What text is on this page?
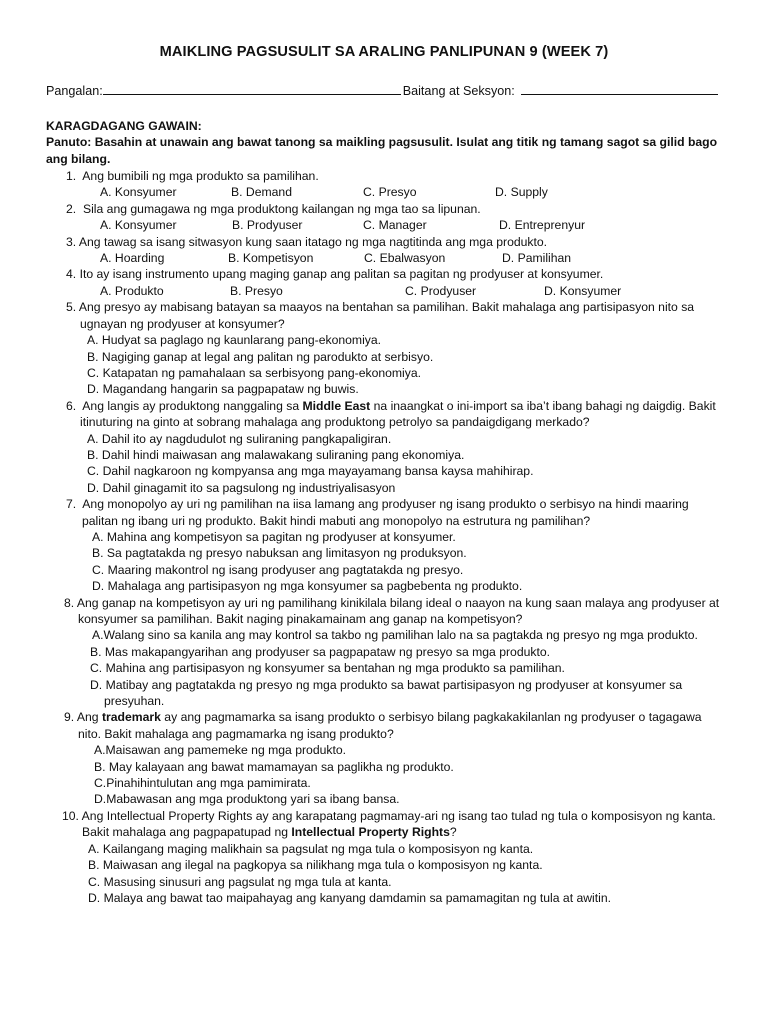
MAIKLING PAGSUSULIT SA ARALING PANLIPUNAN 9 (WEEK 7)
Pangalan:	Baitang at Seksyon:
KARAGDAGANG GAWAIN:
Panuto: Basahin at unawain ang bawat tanong sa maikling pagsusulit. Isulat ang titik ng tamang sagot sa gilid bago ang bilang.
1. Ang bumibili ng mga produkto sa pamilihan.
A. Konsyumer	B. Demand	C. Presyo	D. Supply
2. Sila ang gumagawa ng mga produktong kailangan ng mga tao sa lipunan.
A. Konsyumer	B. Prodyuser	C. Manager	D. Entreprenyur
3. Ang tawag sa isang sitwasyon kung saan itatago ng mga nagtitinda ang mga produkto.
A. Hoarding	B. Kompetisyon	C. Ebalwasyon	D. Pamilihan
4. Ito ay isang instrumento upang maging ganap ang palitan sa pagitan ng prodyuser at konsyumer.
A. Produkto	B. Presyo	C. Prodyuser	D. Konsyumer
5. Ang presyo ay mabisang batayan sa maayos na bentahan sa pamilihan. Bakit mahalaga ang partisipasyon nito sa ugnayan ng prodyuser at konsyumer?
A. Hudyat sa paglago ng kaunlarang pang-ekonomiya.
B. Nagiging ganap at legal ang palitan ng parodukto at serbisyo.
C. Katapatan ng pamahalaan sa serbisyong pang-ekonomiya.
D. Magandang hangarin sa pagpapataw ng buwis.
6. Ang langis ay produktong nanggaling sa Middle East na inaangkat o ini-import sa iba’t ibang bahagi ng daigdig. Bakit itinuturing na ginto at sobrang mahalaga ang produktong petrolyo sa pandaigdigang merkado?
A. Dahil ito ay nagdudulot ng suliraning pangkapaligiran.
B. Dahil hindi maiwasan ang malawakang suliraning pang ekonomiya.
C. Dahil nagkaroon ng kompyansa ang mga mayayamang bansa kaysa mahihirap.
D. Dahil ginagamit ito sa pagsulong ng industriyalisasyon
7. Ang monopolyo ay uri ng pamilihan na iisa lamang ang prodyuser ng isang produkto o serbisyo na hindi maaring palitan ng ibang uri ng produkto. Bakit hindi mabuti ang monopolyo na estrutura ng pamilihan?
A. Mahina ang kompetisyon sa pagitan ng prodyuser at konsyumer.
B. Sa pagtatakda ng presyo nabuksan ang limitasyon ng produksyon.
C. Maaring makontrol ng isang prodyuser ang pagtatakda ng presyo.
D. Mahalaga ang partisipasyon ng mga konsyumer sa pagbebenta ng produkto.
8. Ang ganap na kompetisyon ay uri ng pamilihang kinikilala bilang ideal o naayon na kung saan malaya ang prodyuser at konsyumer sa pamilihan. Bakit naging pinakamainam ang ganap na kompetisyon?
A.Walang sino sa kanila ang may kontrol sa takbo ng pamilihan lalo na sa pagtakda ng presyo ng mga produkto.
B. Mas makapangyarihan ang prodyuser sa pagpapataw ng presyo sa mga produkto.
C. Mahina ang partisipasyon ng konsyumer sa bentahan ng mga produkto sa pamilihan.
D. Matibay ang pagtatakda ng presyo ng mga produkto sa bawat partisipasyon ng prodyuser at konsyumer sa presyuhan.
9. Ang trademark ay ang pagmamarka sa isang produkto o serbisyo bilang pagkakakilanlan ng prodyuser o tagagawa nito. Bakit mahalaga ang pagmamarka ng isang produkto?
A.Maisawan ang pamemeke ng mga produkto.
B. May kalayaan ang bawat mamamayan sa paglikha ng produkto.
C.Pinahihintulutan ang mga pamimirata.
D.Mabawasan ang mga produktong yari sa ibang bansa.
10. Ang Intellectual Property Rights ay ang karapatang pagmamay-ari ng isang tao tulad ng tula o komposisyon ng kanta. Bakit mahalaga ang pagpapatupad ng Intellectual Property Rights?
A. Kailangang maging malikhain sa pagsulat ng mga tula o komposisyon ng kanta.
B. Maiwasan ang ilegal na pagkopya sa nilikhang mga tula o komposisyon ng kanta.
C. Masusing sinusuri ang pagsulat ng mga tula at kanta.
D. Malaya ang bawat tao maipahayag ang kanyang damdamin sa pamamagitan ng tula at awitin.
